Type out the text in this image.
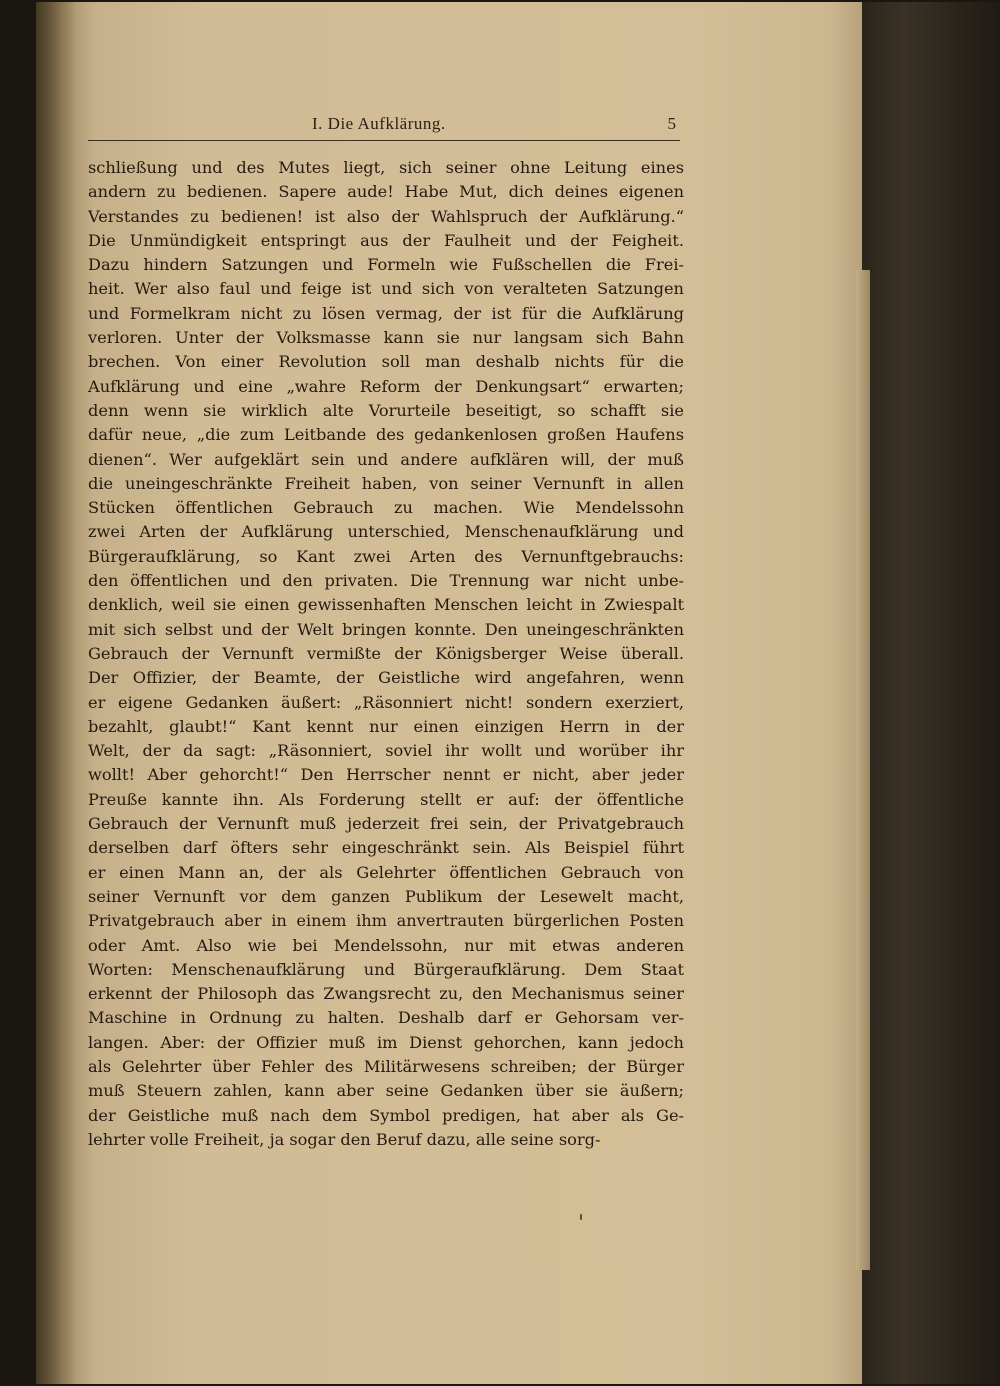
I. Die Aufklärung.	5
schließung und des Mutes liegt, sich seiner ohne Leitung eines
andern zu bedienen. Sapere aude! Habe Mut, dich deines eigenen
Verstandes zu bedienen! ist also der Wahlspruch der Aufklärung.“
Die Unmündigkeit entspringt aus der Faulheit und der Feigheit.
Dazu hindern Satzungen und Formeln wie Fußschellen die Frei-
heit. Wer also faul und feige ist und sich von veralteten Satzungen
und Formelkram nicht zu lösen vermag, der ist für die Aufklärung
verloren. Unter der Volksmasse kann sie nur langsam sich Bahn
brechen. Von einer Revolution soll man deshalb nichts für die
Aufklärung und eine „wahre Reform der Denkungsart“ erwarten;
denn wenn sie wirklich alte Vorurteile beseitigt, so schafft sie
dafür neue, „die zum Leitbande des gedankenlosen großen Haufens
dienen“. Wer aufgeklärt sein und andere aufklären will, der muß
die uneingeschränkte Freiheit haben, von seiner Vernunft in allen
Stücken öffentlichen Gebrauch zu machen. Wie Mendelssohn
zwei Arten der Aufklärung unterschied, Menschenaufklärung und
Bürgeraufklärung, so Kant zwei Arten des Vernunftgebrauchs:
den öffentlichen und den privaten. Die Trennung war nicht unbe-
denklich, weil sie einen gewissenhaften Menschen leicht in Zwiespalt
mit sich selbst und der Welt bringen konnte. Den uneingeschränkten
Gebrauch der Vernunft vermißte der Königsberger Weise überall.
Der Offizier, der Beamte, der Geistliche wird angefahren, wenn
er eigene Gedanken äußert: „Räsonniert nicht! sondern exerziert,
bezahlt, glaubt!“ Kant kennt nur einen einzigen Herrn in der
Welt, der da sagt: „Räsonniert, soviel ihr wollt und worüber ihr
wollt! Aber gehorcht!“ Den Herrscher nennt er nicht, aber jeder
Preuße kannte ihn. Als Forderung stellt er auf: der öffentliche
Gebrauch der Vernunft muß jederzeit frei sein, der Privatgebrauch
derselben darf öfters sehr eingeschränkt sein. Als Beispiel führt
er einen Mann an, der als Gelehrter öffentlichen Gebrauch von
seiner Vernunft vor dem ganzen Publikum der Lesewelt macht,
Privatgebrauch aber in einem ihm anvertrauten bürgerlichen Posten
oder Amt. Also wie bei Mendelssohn, nur mit etwas anderen
Worten: Menschenaufklärung und Bürgeraufklärung. Dem Staat
erkennt der Philosoph das Zwangsrecht zu, den Mechanismus seiner
Maschine in Ordnung zu halten. Deshalb darf er Gehorsam ver-
langen. Aber: der Offizier muß im Dienst gehorchen, kann jedoch
als Gelehrter über Fehler des Militärwesens schreiben; der Bürger
muß Steuern zahlen, kann aber seine Gedanken über sie äußern;
der Geistliche muß nach dem Symbol predigen, hat aber als Ge-
lehrter volle Freiheit, ja sogar den Beruf dazu, alle seine sorg-
